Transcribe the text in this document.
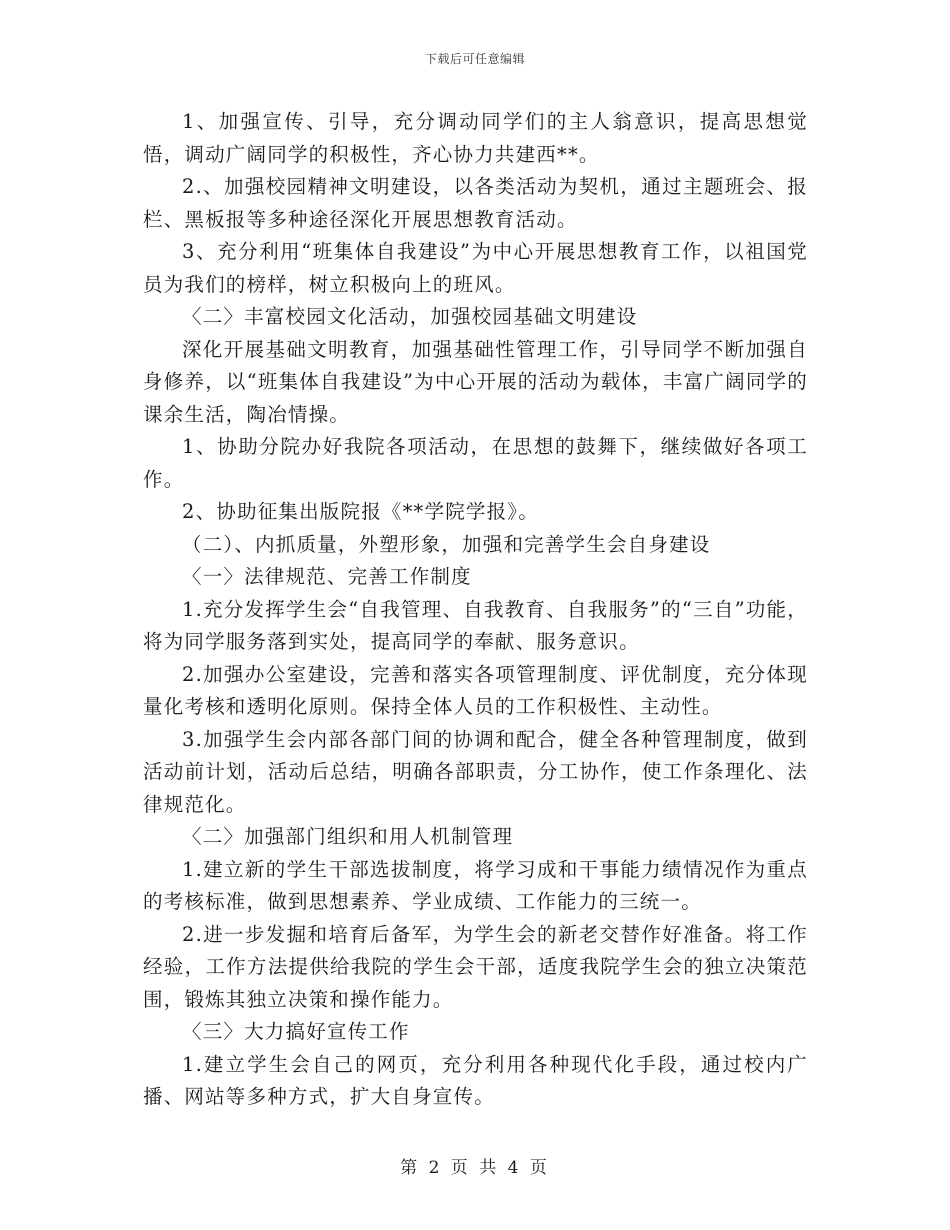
下载后可任意编辑

1、加强宣传、引导，充分调动同学们的主人翁意识，提高思想觉悟，调动广阔同学的积极性，齐心协力共建西**。

2.、加强校园精神文明建设，以各类活动为契机，通过主题班会、报栏、黑板报等多种途径深化开展思想教育活动。

3、充分利用“班集体自我建设”为中心开展思想教育工作，以祖国党员为我们的榜样，树立积极向上的班风。

〈二〉丰富校园文化活动，加强校园基础文明建设

深化开展基础文明教育，加强基础性管理工作，引导同学不断加强自身修养，以“班集体自我建设”为中心开展的活动为载体，丰富广阔同学的课余生活，陶冶情操。

1、协助分院办好我院各项活动，在思想的鼓舞下，继续做好各项工作。

2、协助征集出版院报《**学院学报》。

（二）、内抓质量，外塑形象，加强和完善学生会自身建设

〈一〉法律规范、完善工作制度

1.充分发挥学生会“自我管理、自我教育、自我服务”的“三自”功能，将为同学服务落到实处，提高同学的奉献、服务意识。

2.加强办公室建设，完善和落实各项管理制度、评优制度，充分体现量化考核和透明化原则。保持全体人员的工作积极性、主动性。

3.加强学生会内部各部门间的协调和配合，健全各种管理制度，做到活动前计划，活动后总结，明确各部职责，分工协作，使工作条理化、法律规范化。

〈二〉加强部门组织和用人机制管理

1.建立新的学生干部选拔制度，将学习成和干事能力绩情况作为重点的考核标准，做到思想素养、学业成绩、工作能力的三统一。

2.进一步发掘和培育后备军，为学生会的新老交替作好准备。将工作经验，工作方法提供给我院的学生会干部，适度我院学生会的独立决策范围，锻炼其独立决策和操作能力。

〈三〉大力搞好宣传工作

1.建立学生会自己的网页，充分利用各种现代化手段，通过校内广播、网站等多种方式，扩大自身宣传。

第 2 页 共 4 页
